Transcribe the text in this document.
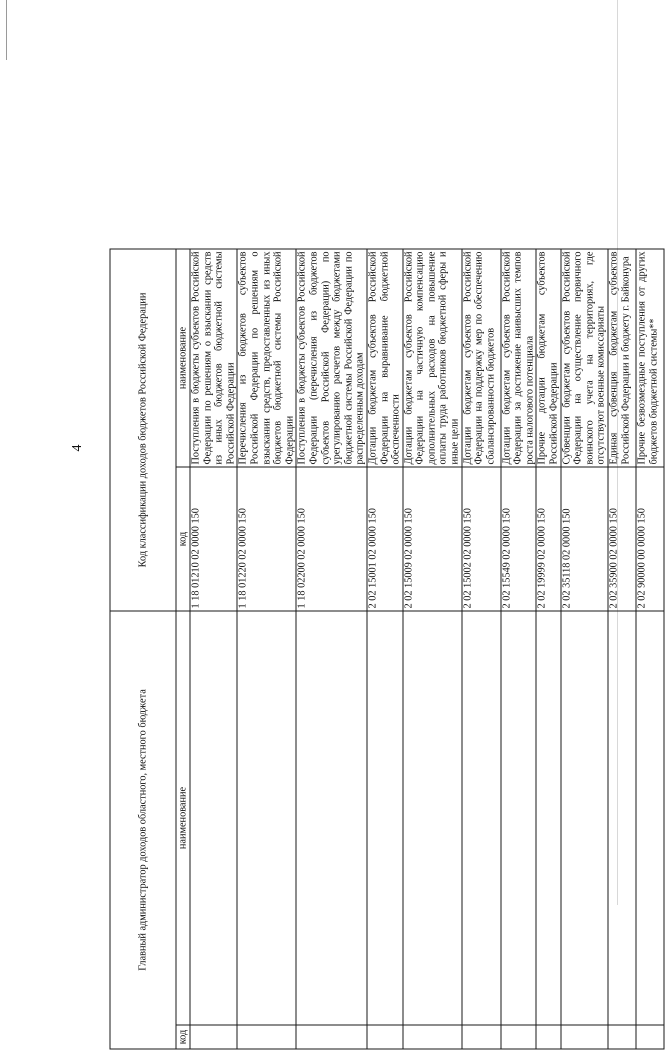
4
Главный администратор доходов областного, местного бюджета		Код классификации доходов бюджетов Российской Федерации	
код	наименование	код	наименование
		1 18 01210 02 0000 150	Поступления в бюджеты субъектов Российской Федерации по решениям о взыскании средств из иных бюджетов бюджетной системы Российской Федерации
		1 18 01220 02 0000 150	Перечисления из бюджетов субъектов Российской Федерации по решениям о взыскании средств, предоставленных из иных бюджетов бюджетной системы Российской Федерации
		1 18 02200 02 0000 150	Поступления в бюджеты субъектов Российской Федерации (перечисления из бюджетов субъектов Российской Федерации) по урегулированию расчетов между бюджетами бюджетной системы Российской Федерации по распределенным доходам
		2 02 15001 02 0000 150	Дотации бюджетам субъектов Российской Федерации на выравнивание бюджетной обеспеченности
		2 02 15009 02 0000 150	Дотации бюджетам субъектов Российской Федерации на частичную компенсацию дополнительных расходов на повышение оплаты труда работников бюджетной сферы и иные цели
		2 02 15002 02 0000 150	Дотации бюджетам субъектов Российской Федерации на поддержку мер по обеспечению сбалансированности бюджетов
		2 02 15549 02 0000 150	Дотации бюджетам субъектов Российской Федерации за достижение наивысших темпов роста налогового потенциала
		2 02 19999 02 0000 150	Прочие дотации бюджетам субъектов Российской Федерации
		2 02 35118 02 0000 150	Субвенции бюджетам субъектов Российской Федерации на осуществление первичного воинского учета на территориях, где отсутствуют военные комиссариаты
		2 02 35900 02 0000 150	Единая субвенция бюджетам субъектов Российской Федерации и бюджету г. Байконура
		2 02 90000 00 0000 150	Прочие безвозмездные поступления от других бюджетов бюджетной системы**
